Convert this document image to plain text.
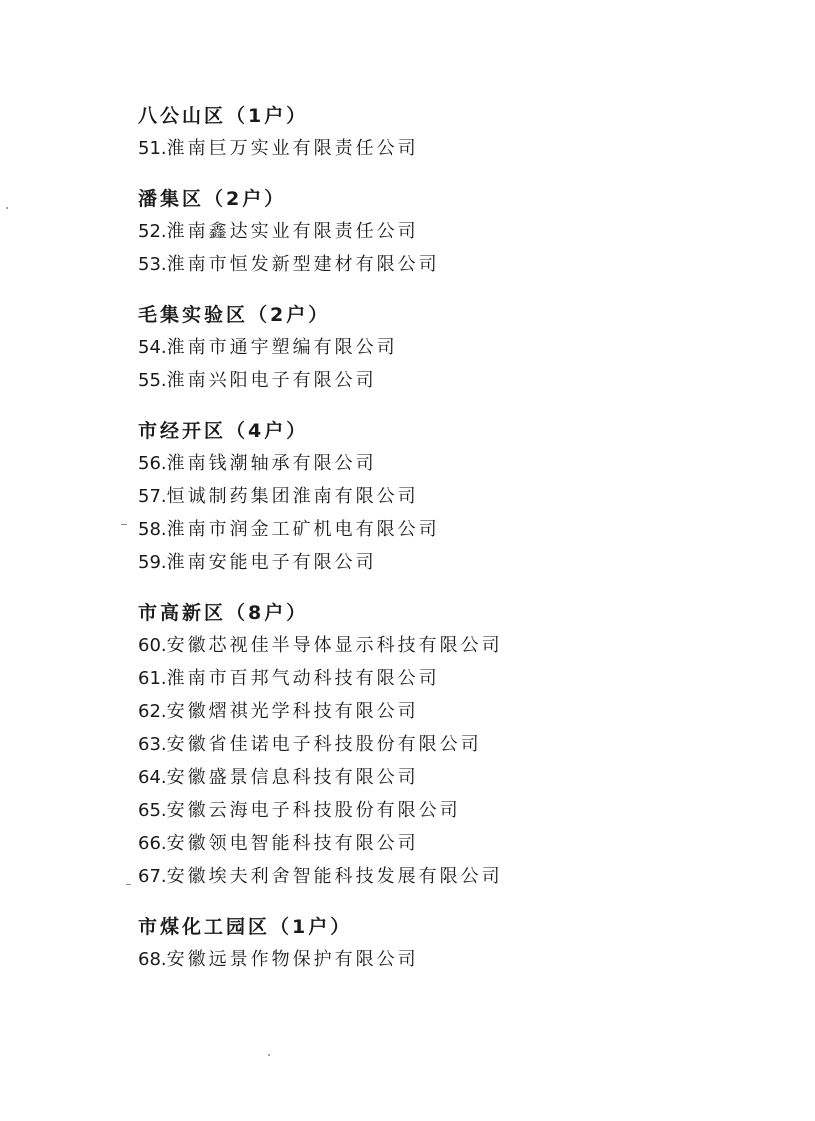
八公山区（1户）
51.淮南巨万实业有限责任公司
潘集区（2户）
52.淮南鑫达实业有限责任公司
53.淮南市恒发新型建材有限公司
毛集实验区（2户）
54.淮南市通宇塑编有限公司
55.淮南兴阳电子有限公司
市经开区（4户）
56.淮南钱潮轴承有限公司
57.恒诚制药集团淮南有限公司
58.淮南市润金工矿机电有限公司
59.淮南安能电子有限公司
市高新区（8户）
60.安徽芯视佳半导体显示科技有限公司
61.淮南市百邦气动科技有限公司
62.安徽熠祺光学科技有限公司
63.安徽省佳诺电子科技股份有限公司
64.安徽盛景信息科技有限公司
65.安徽云海电子科技股份有限公司
66.安徽领电智能科技有限公司
67.安徽埃夫利舍智能科技发展有限公司
市煤化工园区（1户）
68.安徽远景作物保护有限公司
